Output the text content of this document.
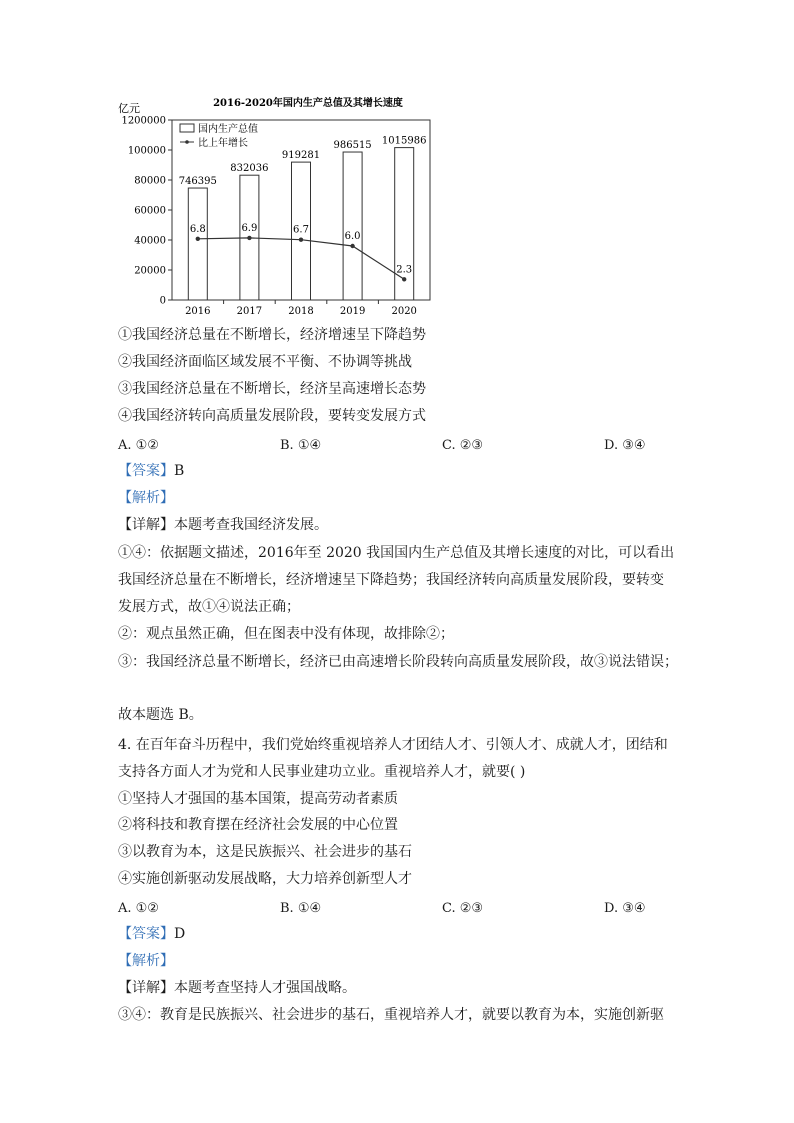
2016-2020年国内生产总值及其增长速度
亿元
0
20000
40000
60000
80000
100000
1200000
746395
832036
919281
986515 1015986
6.8	6.9	6.7
6.0
2.3
2016	2017	2018	2019	2020
国内生产总值
比上年增长
①我国经济总量在不断增长，经济增速呈下降趋势
②我国经济面临区域发展不平衡、不协调等挑战
③我国经济总量在不断增长，经济呈高速增长态势
④我国经济转向高质量发展阶段，要转变发展方式
A. ①②	B. ①④	C. ②③	D. ③④
【答案】B
【解析】
【详解】本题考查我国经济发展。
①④：依据题文描述，2016年至 2020 我国国内生产总值及其增长速度的对比，可以看出
我国经济总量在不断增长，经济增速呈下降趋势；我国经济转向高质量发展阶段，要转变
发展方式，故①④说法正确；
②：观点虽然正确，但在图表中没有体现，故排除②；
③：我国经济总量不断增长，经济已由高速增长阶段转向高质量发展阶段，故③说法错误；
故本题选 B。
4. 在百年奋斗历程中，我们党始终重视培养人才团结人才、引领人才、成就人才，团结和
支持各方面人才为党和人民事业建功立业。重视培养人才，就要( )
①坚持人才强国的基本国策，提高劳动者素质
②将科技和教育摆在经济社会发展的中心位置
③以教育为本，这是民族振兴、社会进步的基石
④实施创新驱动发展战略，大力培养创新型人才
A. ①②	B. ①④	C. ②③	D. ③④
【答案】D
【解析】
【详解】本题考查坚持人才强国战略。
③④：教育是民族振兴、社会进步的基石，重视培养人才，就要以教育为本，实施创新驱
